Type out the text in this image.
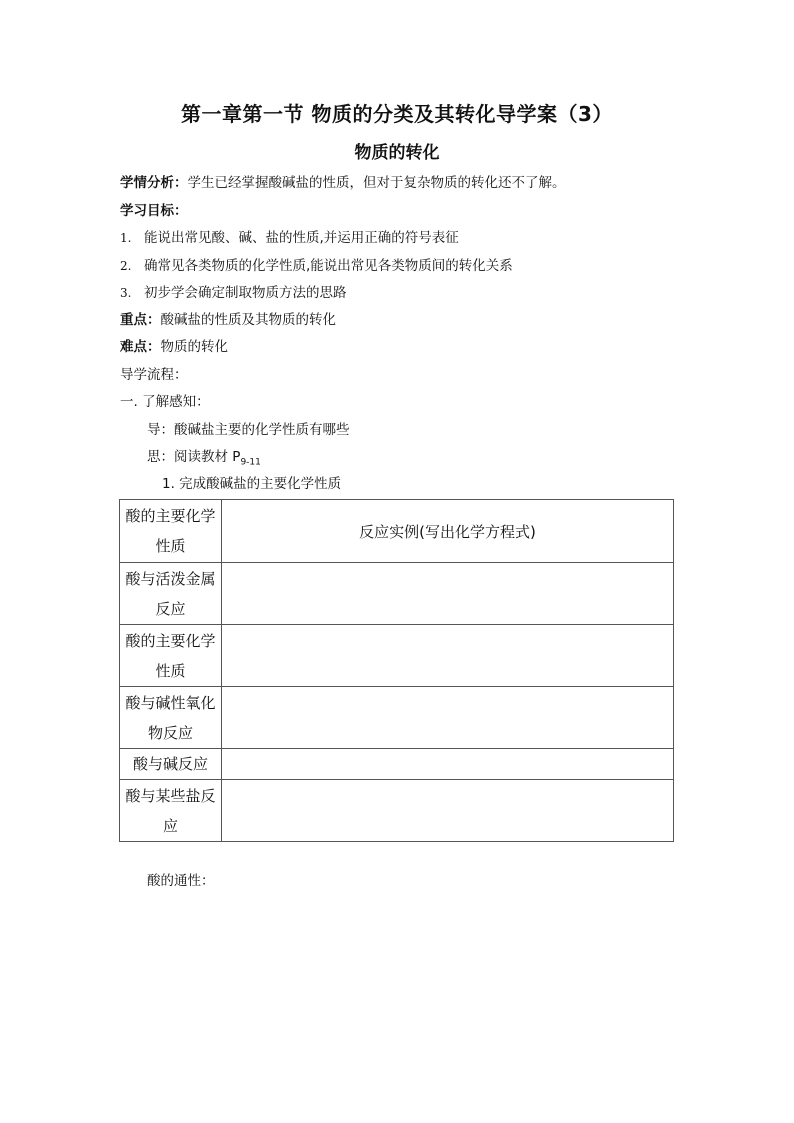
第一章第一节 物质的分类及其转化导学案（3）
物质的转化
学情分析：学生已经掌握酸碱盐的性质，但对于复杂物质的转化还不了解。
学习目标：
1. 能说出常见酸、碱、盐的性质,并运用正确的符号表征
2. 确常见各类物质的化学性质,能说出常见各类物质间的转化关系
3. 初步学会确定制取物质方法的思路
重点：酸碱盐的性质及其物质的转化
难点：物质的转化
导学流程：
一. 了解感知：
导：酸碱盐主要的化学性质有哪些
思：阅读教材 $P_{9-11}$
1. 完成酸碱盐的主要化学性质
酸的主要化学性质	反应实例(写出化学方程式)
酸与活泼金属反应	
酸的主要化学性质	
酸与碱性氧化物反应	
酸与碱反应	
酸与某些盐反应	
酸的通性：
